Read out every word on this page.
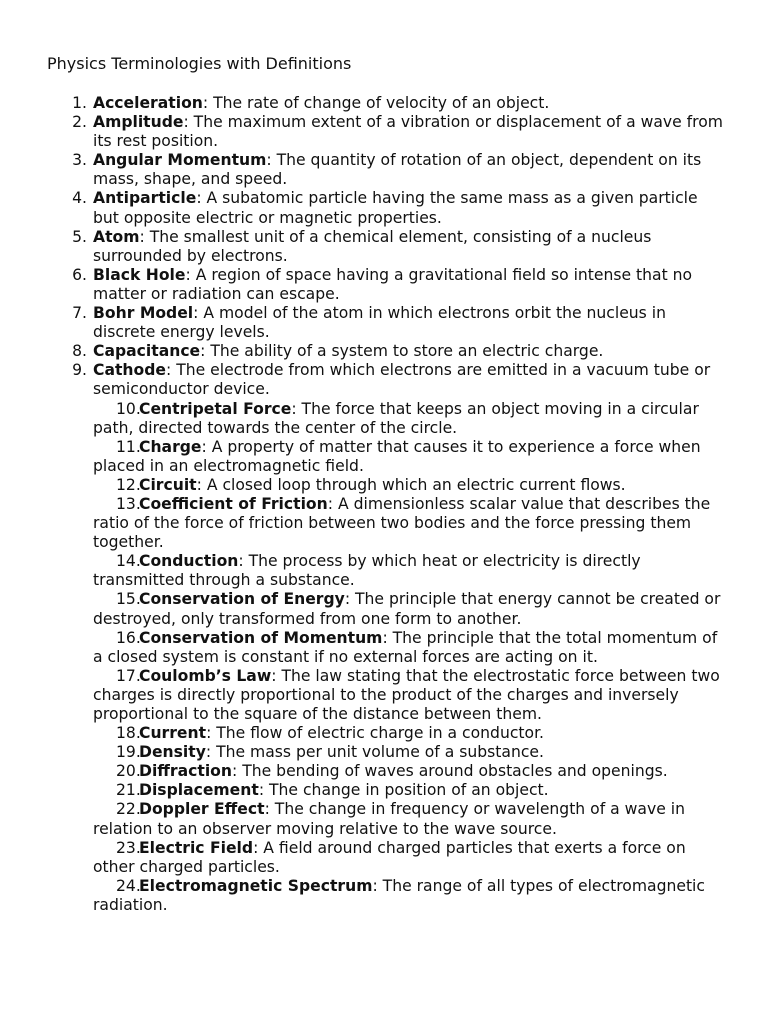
Physics Terminologies with Definitions
1. Acceleration: The rate of change of velocity of an object.
2. Amplitude: The maximum extent of a vibration or displacement of a wave from its rest position.
3. Angular Momentum: The quantity of rotation of an object, dependent on its mass, shape, and speed.
4. Antiparticle: A subatomic particle having the same mass as a given particle but opposite electric or magnetic properties.
5. Atom: The smallest unit of a chemical element, consisting of a nucleus surrounded by electrons.
6. Black Hole: A region of space having a gravitational field so intense that no matter or radiation can escape.
7. Bohr Model: A model of the atom in which electrons orbit the nucleus in discrete energy levels.
8. Capacitance: The ability of a system to store an electric charge.
9. Cathode: The electrode from which electrons are emitted in a vacuum tube or semiconductor device.
10.
Centripetal Force: The force that keeps an object moving in a circular path, directed towards the center of the circle.
11.
Charge: A property of matter that causes it to experience a force when placed in an electromagnetic field.
12.
Circuit: A closed loop through which an electric current flows.
13.
Coefficient of Friction: A dimensionless scalar value that describes the ratio of the force of friction between two bodies and the force pressing them together.
14.
Conduction: The process by which heat or electricity is directly transmitted through a substance.
15.
Conservation of Energy: The principle that energy cannot be created or destroyed, only transformed from one form to another.
16.
Conservation of Momentum: The principle that the total momentum of a closed system is constant if no external forces are acting on it.
17.
Coulomb’s Law: The law stating that the electrostatic force between two charges is directly proportional to the product of the charges and inversely proportional to the square of the distance between them.
18.
Current: The flow of electric charge in a conductor.
19.
Density: The mass per unit volume of a substance.
20.
Diffraction: The bending of waves around obstacles and openings.
21.
Displacement: The change in position of an object.
22.
Doppler Effect: The change in frequency or wavelength of a wave in relation to an observer moving relative to the wave source.
23.
Electric Field: A field around charged particles that exerts a force on other charged particles.
24.
Electromagnetic Spectrum: The range of all types of electromagnetic radiation.
